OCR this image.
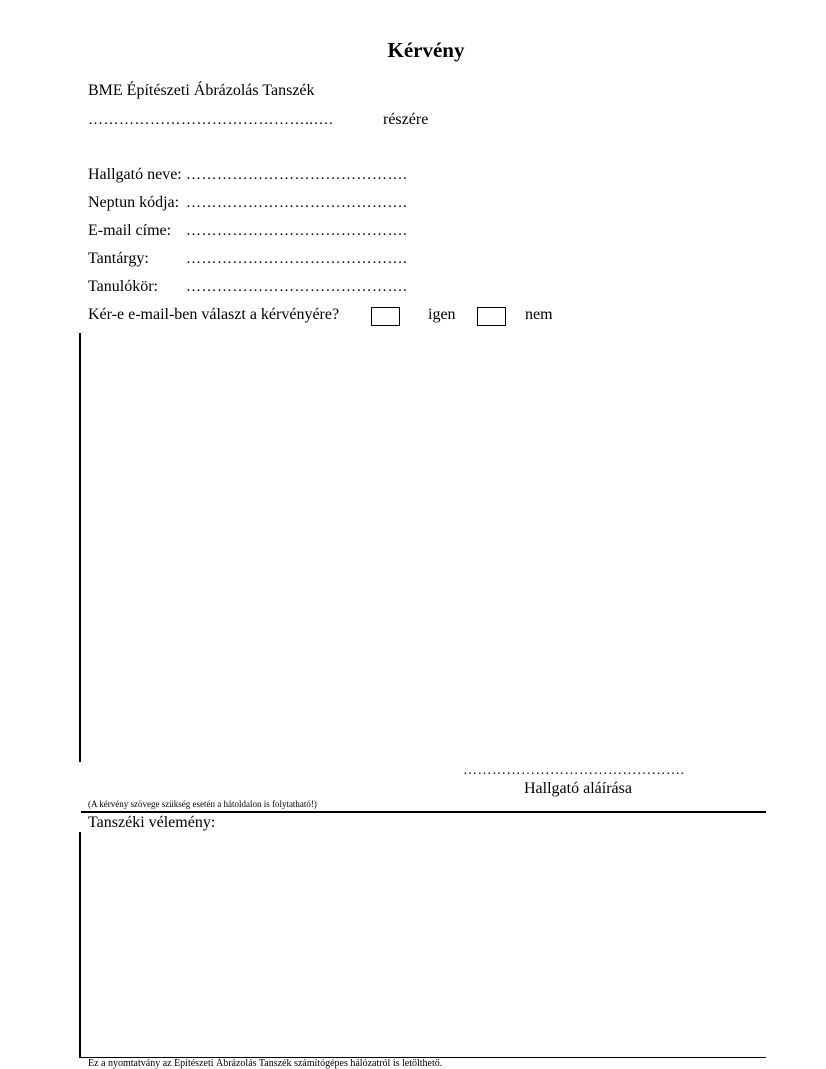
Kérvény
BME Építészeti Ábrázolás Tanszék
……………………………………..….	részére
Hallgató neve: …………………………………….
Neptun kódja: …………………………………….
E-mail címe: …………………………………….
Tantárgy: …………………………………….
Tanulókör: …………………………………….
Kér-e e-mail-ben választ a kérvényére?	igen	nem
……………………………………….
Hallgató aláírása
(A kérvény szövege szükség esetén a hátoldalon is folytatható!)
Tanszéki vélemény:
Ez a nyomtatvány az Építészeti Ábrázolás Tanszék számítógépes hálózatról is letölthető.
